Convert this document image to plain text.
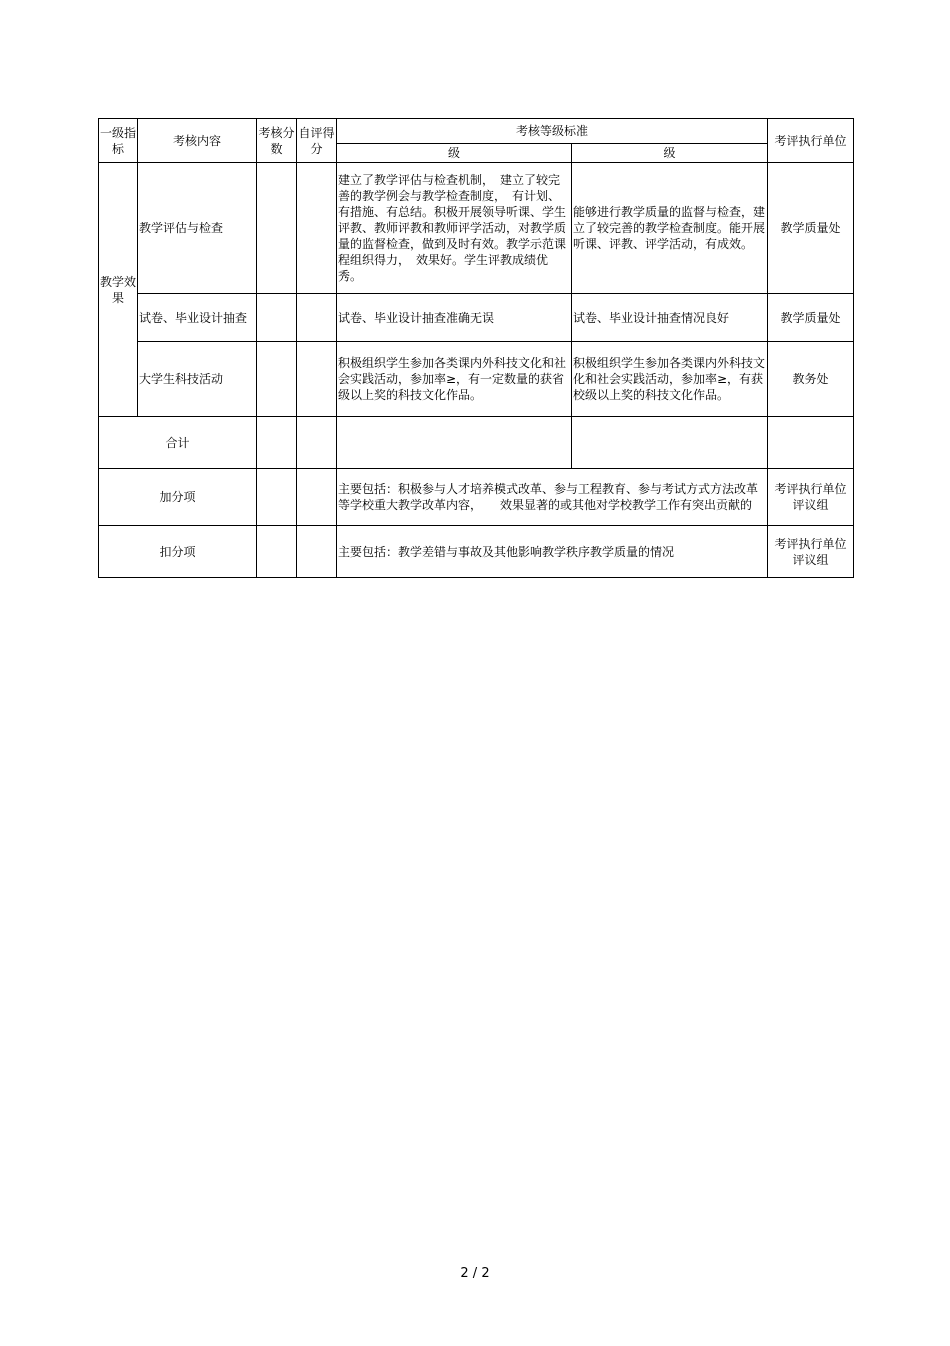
一级指标	考核内容	考核分数	自评得分	考核等级标准		考评执行单位
				级	级	
教学效果	教学评估与检查			建立了教学评估与检查机制，　建立了较完善的教学例会与教学检查制度，　有计划、有措施、有总结。积极开展领导听课、学生评教、教师评教和教师评学活动，对教学质量的监督检查，做到及时有效。教学示范课程组织得力，　效果好。学生评教成绩优秀。	能够进行教学质量的监督与检查，建立了较完善的教学检查制度。能开展听课、评教、评学活动，有成效。	教学质量处
	试卷、毕业设计抽查			试卷、毕业设计抽查准确无误	试卷、毕业设计抽查情况良好	教学质量处
	大学生科技活动			积极组织学生参加各类课内外科技文化和社会实践活动，参加率≥，有一定数量的获省级以上奖的科技文化作品。	积极组织学生参加各类课内外科技文化和社会实践活动，参加率≥，有获校级以上奖的科技文化作品。	教务处
合计						
加分项				主要包括：积极参与人才培养模式改革、参与工程教育、参与考试方式方法改革等学校重大教学改革内容，　　效果显著的或其他对学校教学工作有突出贡献的		考评执行单位评议组
扣分项				主要包括：教学差错与事故及其他影响教学秩序教学质量的情况		考评执行单位评议组
2 / 2
